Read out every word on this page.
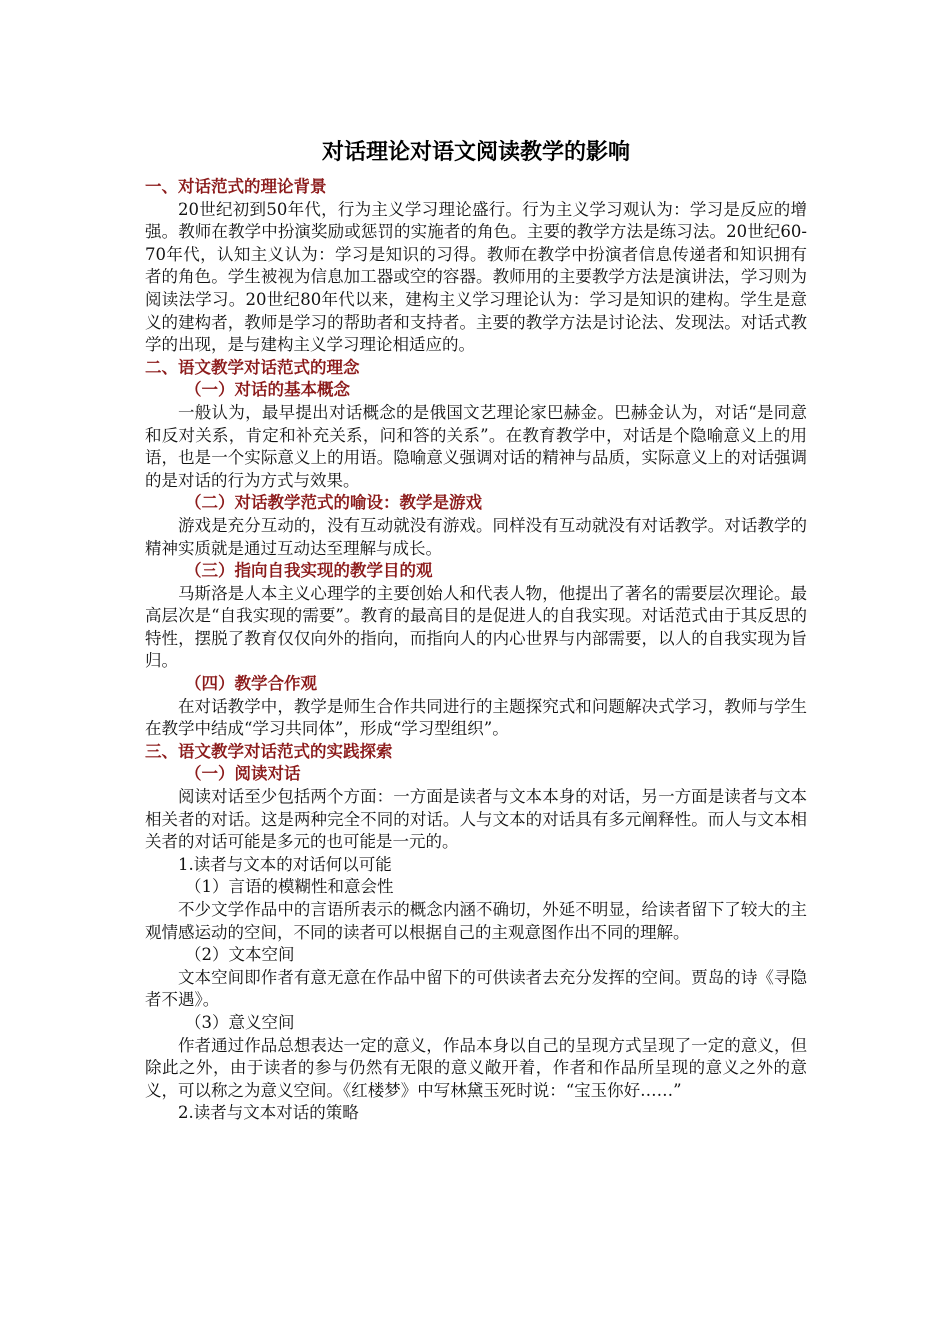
对话理论对语文阅读教学的影响
一、对话范式的理论背景
20世纪初到50年代，行为主义学习理论盛行。行为主义学习观认为：学习是反应的增强。教师在教学中扮演奖励或惩罚的实施者的角色。主要的教学方法是练习法。20世纪60-70年代，认知主义认为：学习是知识的习得。教师在教学中扮演者信息传递者和知识拥有者的角色。学生被视为信息加工器或空的容器。教师用的主要教学方法是演讲法，学习则为阅读法学习。20世纪80年代以来，建构主义学习理论认为：学习是知识的建构。学生是意义的建构者，教师是学习的帮助者和支持者。主要的教学方法是讨论法、发现法。对话式教学的出现，是与建构主义学习理论相适应的。
二、语文教学对话范式的理念
（一）对话的基本概念
一般认为，最早提出对话概念的是俄国文艺理论家巴赫金。巴赫金认为，对话“是同意和反对关系，肯定和补充关系，问和答的关系”。在教育教学中，对话是个隐喻意义上的用语，也是一个实际意义上的用语。隐喻意义强调对话的精神与品质，实际意义上的对话强调的是对话的行为方式与效果。
（二）对话教学范式的喻设：教学是游戏
游戏是充分互动的，没有互动就没有游戏。同样没有互动就没有对话教学。对话教学的精神实质就是通过互动达至理解与成长。
（三）指向自我实现的教学目的观
马斯洛是人本主义心理学的主要创始人和代表人物，他提出了著名的需要层次理论。最高层次是“自我实现的需要”。教育的最高目的是促进人的自我实现。对话范式由于其反思的特性，摆脱了教育仅仅向外的指向，而指向人的内心世界与内部需要，以人的自我实现为旨归。
（四）教学合作观
在对话教学中，教学是师生合作共同进行的主题探究式和问题解决式学习，教师与学生在教学中结成“学习共同体”，形成“学习型组织”。
三、语文教学对话范式的实践探索
（一）阅读对话
阅读对话至少包括两个方面：一方面是读者与文本本身的对话，另一方面是读者与文本相关者的对话。这是两种完全不同的对话。人与文本的对话具有多元阐释性。而人与文本相关者的对话可能是多元的也可能是一元的。
1.读者与文本的对话何以可能
（1）言语的模糊性和意会性
不少文学作品中的言语所表示的概念内涵不确切，外延不明显，给读者留下了较大的主观情感运动的空间，不同的读者可以根据自己的主观意图作出不同的理解。
（2）文本空间
文本空间即作者有意无意在作品中留下的可供读者去充分发挥的空间。贾岛的诗《寻隐者不遇》。
（3）意义空间
作者通过作品总想表达一定的意义，作品本身以自己的呈现方式呈现了一定的意义，但除此之外，由于读者的参与仍然有无限的意义敞开着，作者和作品所呈现的意义之外的意义，可以称之为意义空间。《红楼梦》中写林黛玉死时说：“宝玉你好……”
2.读者与文本对话的策略
